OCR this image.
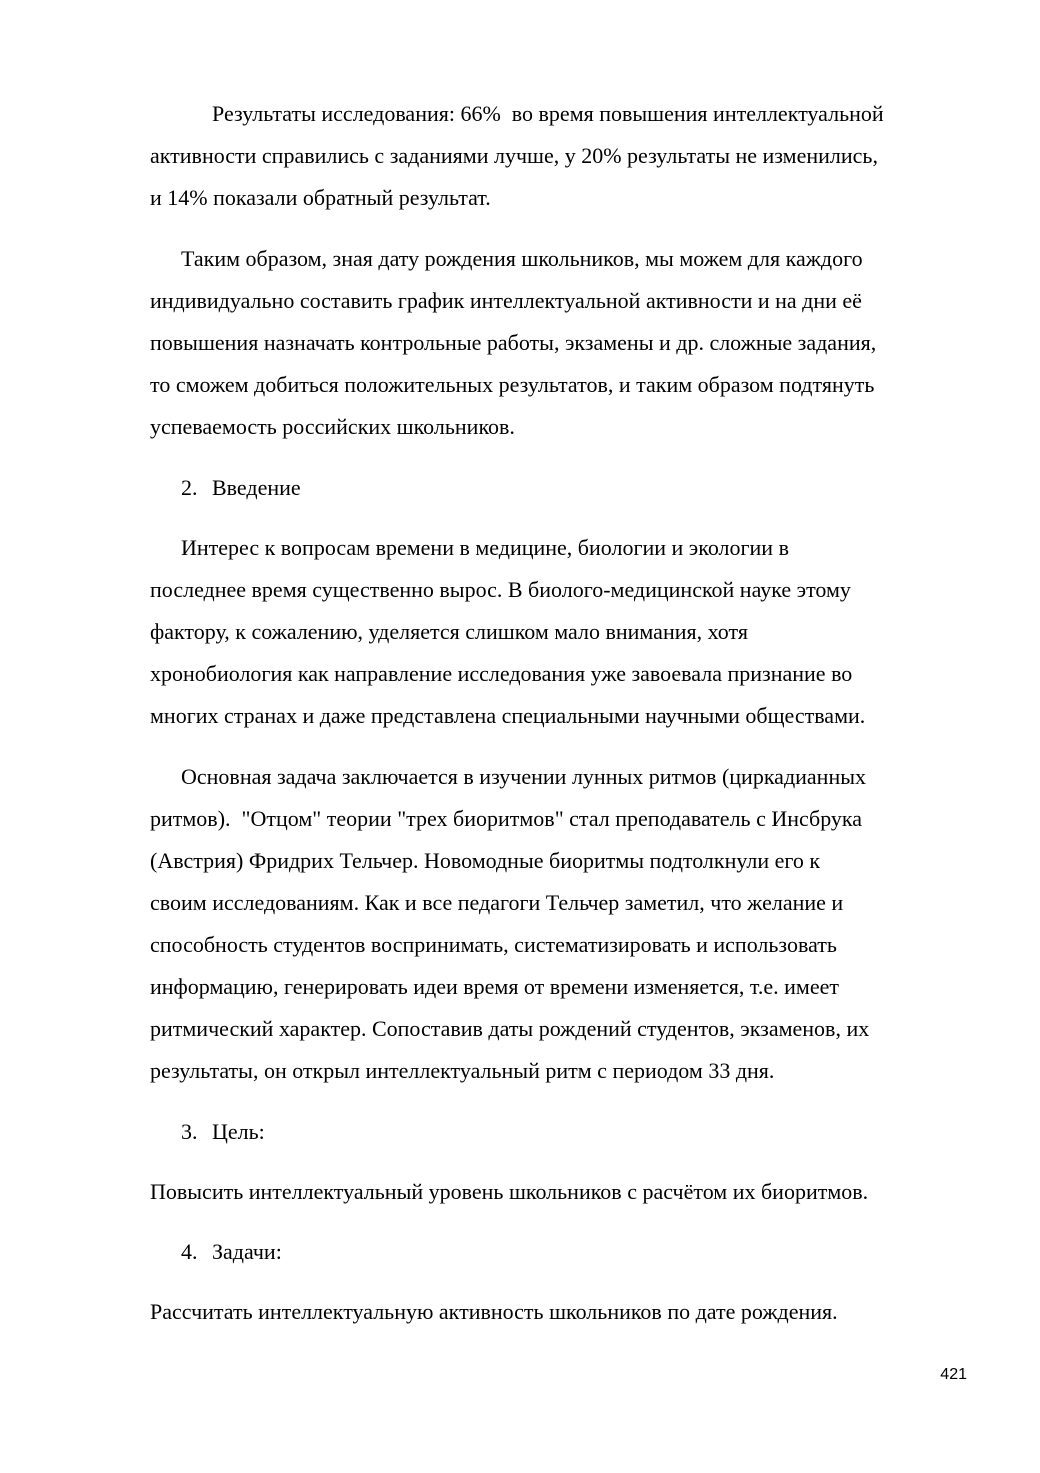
Результаты исследования: 66%  во время повышения интеллектуальной
активности справились с заданиями лучше, у 20% результаты не изменились,
и 14% показали обратный результат.
Таким образом, зная дату рождения школьников, мы можем для каждого
индивидуально составить график интеллектуальной активности и на дни её
повышения назначать контрольные работы, экзамены и др. сложные задания,
то сможем добиться положительных результатов, и таким образом подтянуть
успеваемость российских школьников.
2. Введение
Интерес к вопросам времени в медицине, биологии и экологии в
последнее время существенно вырос. В биолого-медицинской науке этому
фактору, к сожалению, уделяется слишком мало внимания, хотя
хронобиология как направление исследования уже завоевала признание во
многих странах и даже представлена специальными научными обществами.
Основная задача заключается в изучении лунных ритмов (циркадианных
ритмов).  "Отцом" теории "трех биоритмов" стал преподаватель с Инсбрука
(Австрия) Фридрих Тельчер. Новомодные биоритмы подтолкнули его к
своим исследованиям. Как и все педагоги Тельчер заметил, что желание и
способность студентов воспринимать, систематизировать и использовать
информацию, генерировать идеи время от времени изменяется, т.е. имеет
ритмический характер. Сопоставив даты рождений студентов, экзаменов, их
результаты, он открыл интеллектуальный ритм с периодом 33 дня.
3. Цель:
Повысить интеллектуальный уровень школьников с расчётом их биоритмов.
4. Задачи:
Рассчитать интеллектуальную активность школьников по дате рождения.
421
